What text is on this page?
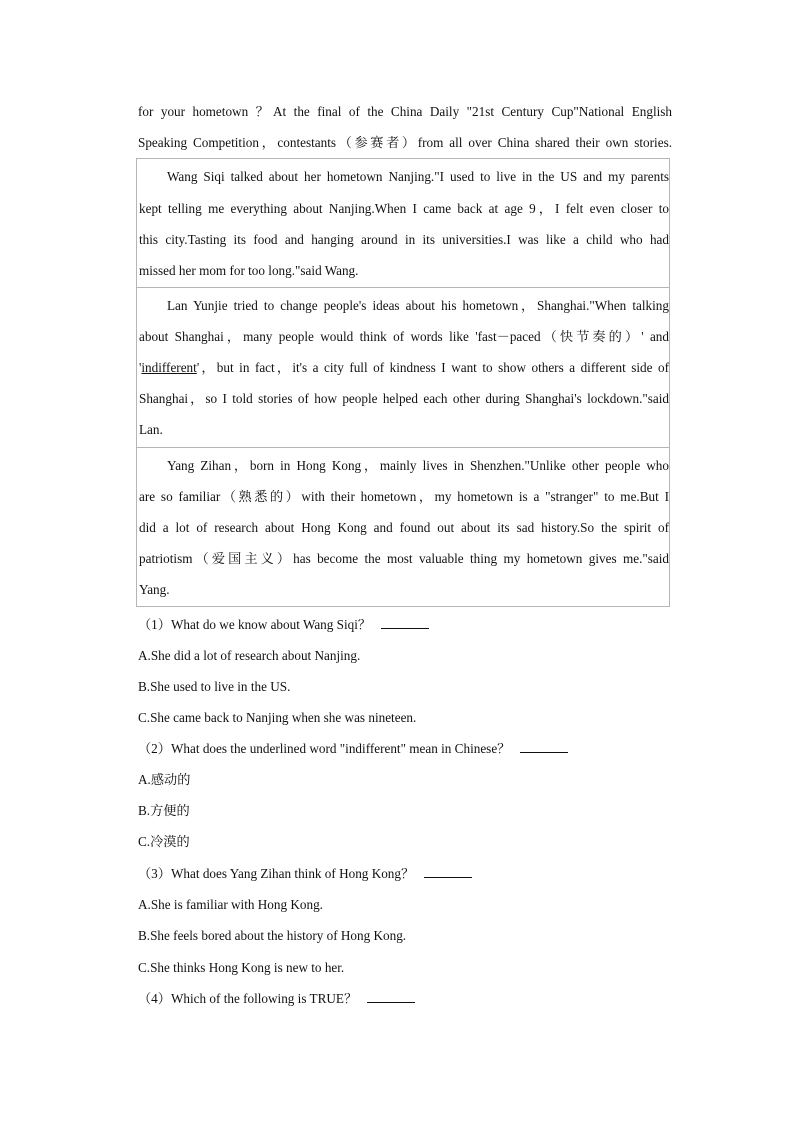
for your hometown ？At the final of the China Daily "21st Century Cup"National English
Speaking Competition，contestants（参赛者）from all over China shared their own stories.
Wang Siqi talked about her hometown Nanjing."I used to live in the US and my parents
kept telling me everything about Nanjing.When I came back at age 9，I felt even closer to
this city.Tasting its food and hanging around in its universities.I was like a child who had
missed her mom for too long."said Wang.
Lan Yunjie tried to change people's ideas about his hometown，Shanghai."When talking
about Shanghai，many people would think of words like 'fast－paced（快节奏的）' and
'indifferent'，but in fact，it's a city full of kindness I want to show others a different side of
Shanghai，so I told stories of how people helped each other during Shanghai's lockdown."said
Lan.
Yang Zihan，born in Hong Kong，mainly lives in Shenzhen."Unlike other people who
are so familiar（熟悉的）with their hometown，my hometown is a "stranger" to me.But I
did a lot of research about Hong Kong and found out about its sad history.So the spirit of
patriotism（爱国主义）has become the most valuable thing my hometown gives me."said
Yang.
（1）What do we know about Wang Siqi？
A.She did a lot of research about Nanjing.
B.She used to live in the US.
C.She came back to Nanjing when she was nineteen.
（2）What does the underlined word "indifferent" mean in Chinese？
A.感动的
B.方便的
C.冷漠的
（3）What does Yang Zihan think of Hong Kong？
A.She is familiar with Hong Kong.
B.She feels bored about the history of Hong Kong.
C.She thinks Hong Kong is new to her.
（4）Which of the following is TRUE？
